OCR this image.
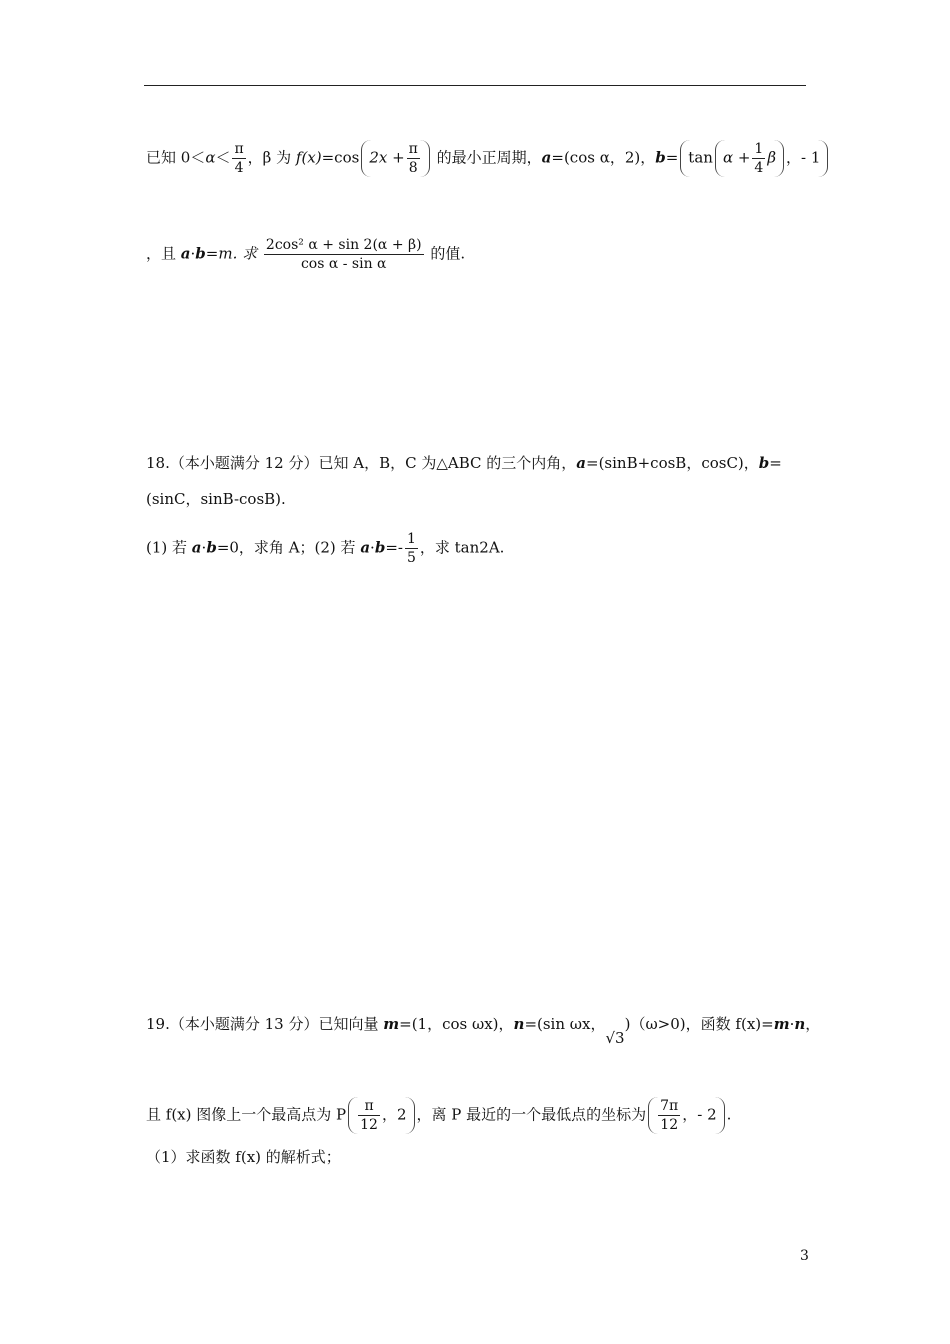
已知 $0<\alpha< \frac{\pi}{4}$ ，β 为 f(x)=cos $2x + \frac{\pi}{8}$ 的最小正周期，a=(cos α，2)，$b= \tan \alpha + \frac{1}{4}$ β ，- 1
，且 a·b=m. 求 $\frac{\text{2cos² α + sin 2(α + β)}}{\text{cos α - sin α}}$ 的值.
18.（本小题满分 12 分）已知 A，B，C 为△ABC 的三个内角，a=(sinB+cosB，cosC)，b=
(sinC，sinB-cosB).
(1) 若 a·b=0，求角 A；(2) 若 $a\cdot b=- \frac{1}{5}$ ，求 tan2A.
19.（本小题满分 13 分）已知向量 m=(1，cos ωx)，n=(sin ωx，√3)（ω>0)，函数 f(x)=m·n，
且 f(x) 图像上一个最高点为 P $\frac{\pi}{12}$ ，2 ，离 P 最近的一个最低点的坐标为 $\frac{7\pi}{12}$ ，- 2 .
（1）求函数 f(x) 的解析式；
3
